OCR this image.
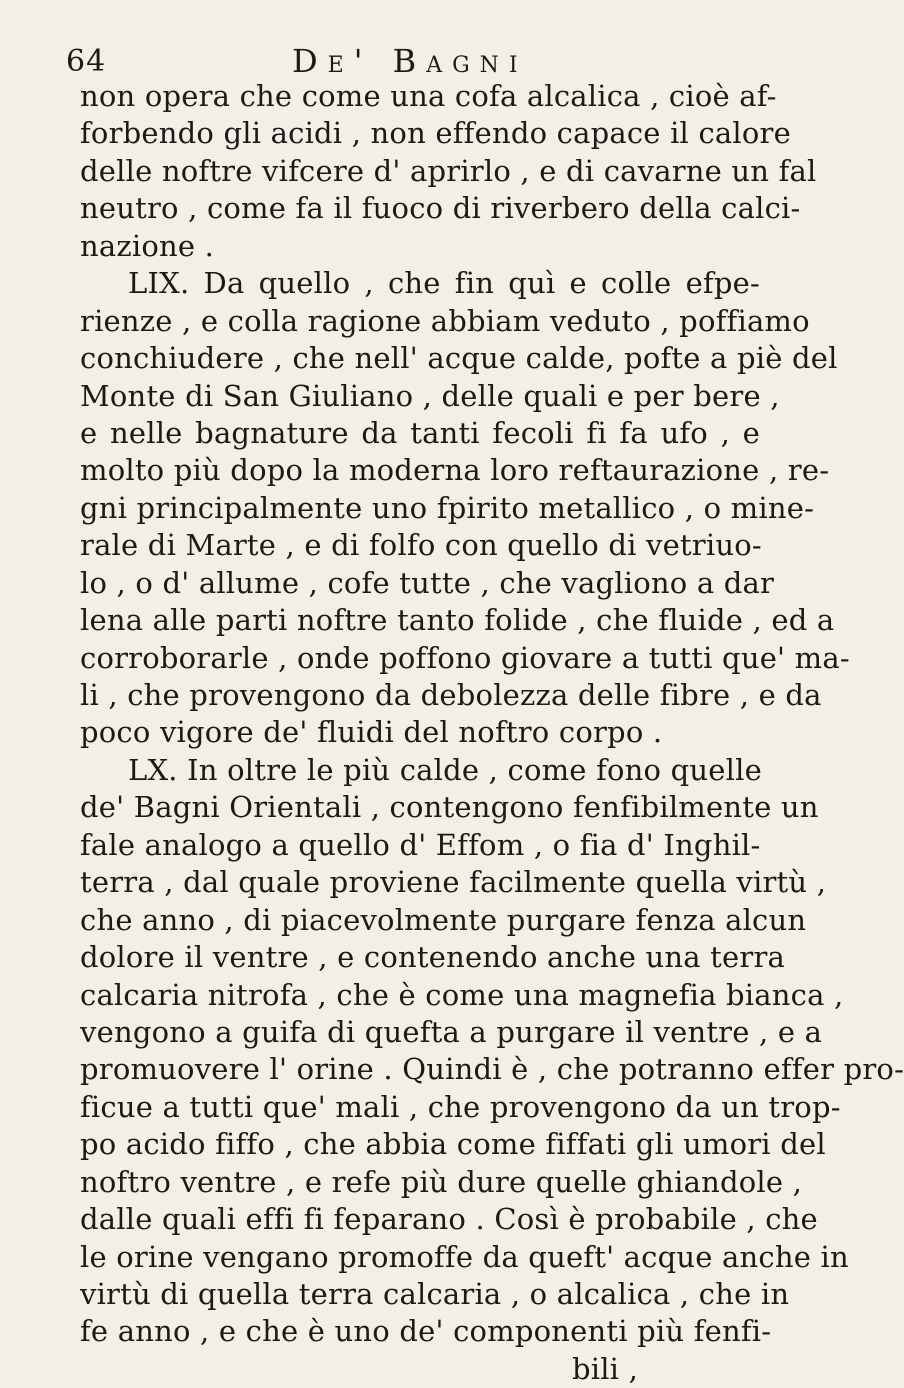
64	De' Bagni
non opera che come una cofa alcalica , cioè af-
forbendo gli acidi , non effendo capace il calore
delle noftre vifcere d' aprirlo , e di cavarne un fal
neutro , come fa il fuoco di riverbero della calci-
nazione .
LIX. Da quello , che fin quì e colle efpe-
rienze , e colla ragione abbiam veduto , poffiamo
conchiudere , che nell' acque calde, pofte a piè del
Monte di San Giuliano , delle quali e per bere ,
e nelle bagnature da tanti fecoli fi fa ufo , e
molto più dopo la moderna loro reftaurazione , re-
gni principalmente uno fpirito metallico , o mine-
rale di Marte , e di folfo con quello di vetriuo-
lo , o d' allume , cofe tutte , che vagliono a dar
lena alle parti noftre tanto folide , che fluide , ed a
corroborarle , onde poffono giovare a tutti que' ma-
li , che provengono da debolezza delle fibre , e da
poco vigore de' fluidi del noftro corpo .
LX. In oltre le più calde , come fono quelle
de' Bagni Orientali , contengono fenfibilmente un
fale analogo a quello d' Effom , o fia d' Inghil-
terra , dal quale proviene facilmente quella virtù ,
che anno , di piacevolmente purgare fenza alcun
dolore il ventre , e contenendo anche una terra
calcaria nitrofa , che è come una magnefia bianca ,
vengono a guifa di quefta a purgare il ventre , e a
promuovere l' orine . Quindi è , che potranno effer pro-
ficue a tutti que' mali , che provengono da un trop-
po acido fiffo , che abbia come fiffati gli umori del
noftro ventre , e refe più dure quelle ghiandole ,
dalle quali effi fi feparano . Così è probabile , che
le orine vengano promoffe da queft' acque anche in
virtù di quella terra calcaria , o alcalica , che in
fe anno , e che è uno de' componenti più fenfi-
bili ,
